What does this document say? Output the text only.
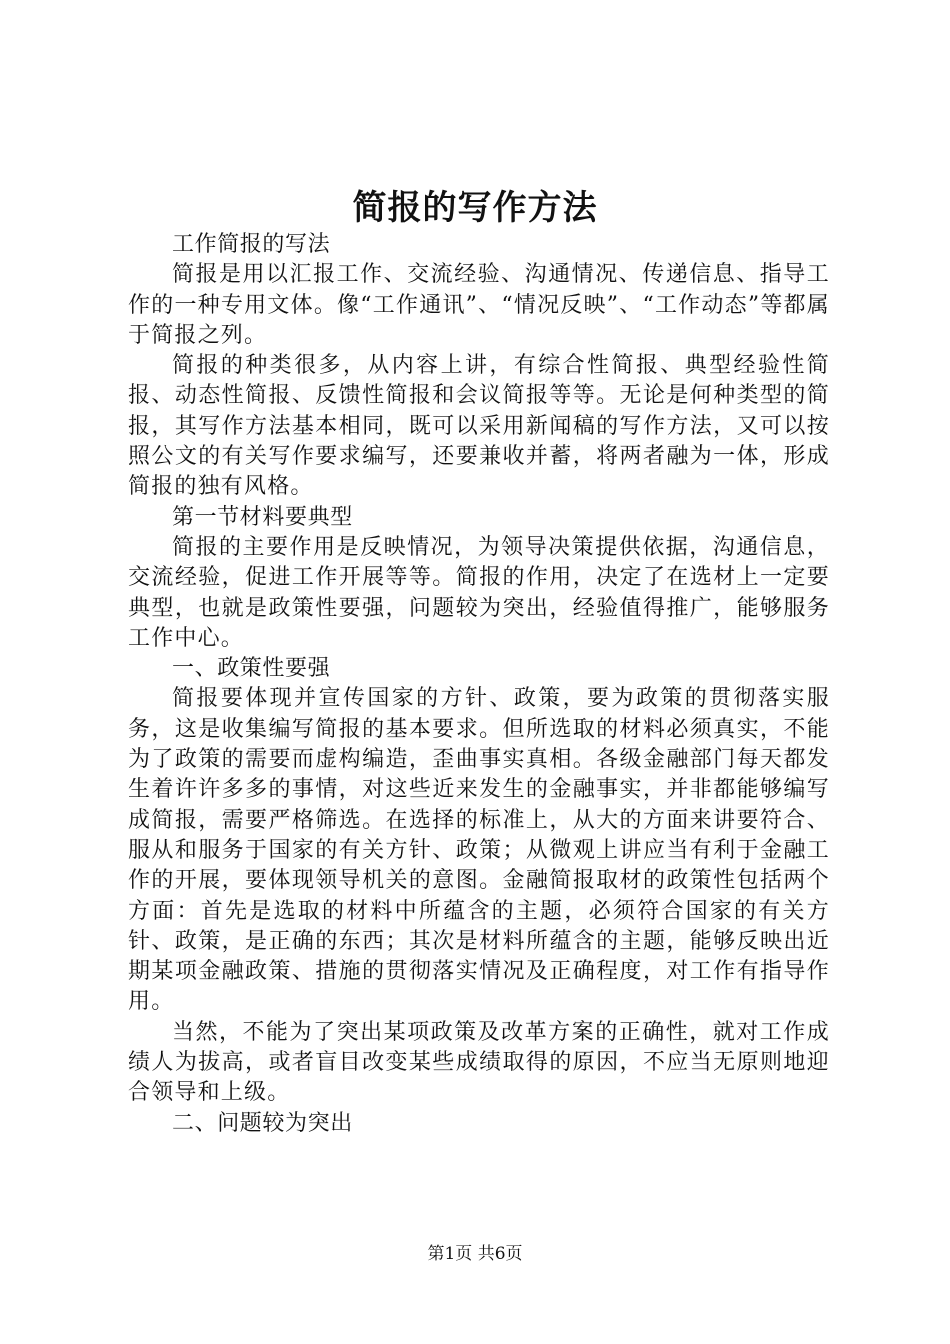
简报的写作方法

工作简报的写法

简报是用以汇报工作、交流经验、沟通情况、传递信息、指导工作的一种专用文体。像“工作通讯”、“情况反映”、“工作动态”等都属于简报之列。

简报的种类很多，从内容上讲，有综合性简报、典型经验性简报、动态性简报、反馈性简报和会议简报等等。无论是何种类型的简报，其写作方法基本相同，既可以采用新闻稿的写作方法，又可以按照公文的有关写作要求编写，还要兼收并蓄，将两者融为一体，形成简报的独有风格。

第一节材料要典型

简报的主要作用是反映情况，为领导决策提供依据，沟通信息，交流经验，促进工作开展等等。简报的作用，决定了在选材上一定要典型，也就是政策性要强，问题较为突出，经验值得推广，能够服务工作中心。

一、政策性要强

简报要体现并宣传国家的方针、政策，要为政策的贯彻落实服务，这是收集编写简报的基本要求。但所选取的材料必须真实，不能为了政策的需要而虚构编造，歪曲事实真相。各级金融部门每天都发生着许许多多的事情，对这些近来发生的金融事实，并非都能够编写成简报，需要严格筛选。在选择的标准上，从大的方面来讲要符合、服从和服务于国家的有关方针、政策；从微观上讲应当有利于金融工作的开展，要体现领导机关的意图。金融简报取材的政策性包括两个方面：首先是选取的材料中所蕴含的主题，必须符合国家的有关方针、政策，是正确的东西；其次是材料所蕴含的主题，能够反映出近期某项金融政策、措施的贯彻落实情况及正确程度，对工作有指导作用。

当然，不能为了突出某项政策及改革方案的正确性，就对工作成绩人为拔高，或者盲目改变某些成绩取得的原因，不应当无原则地迎合领导和上级。

二、问题较为突出

第1页 共6页
